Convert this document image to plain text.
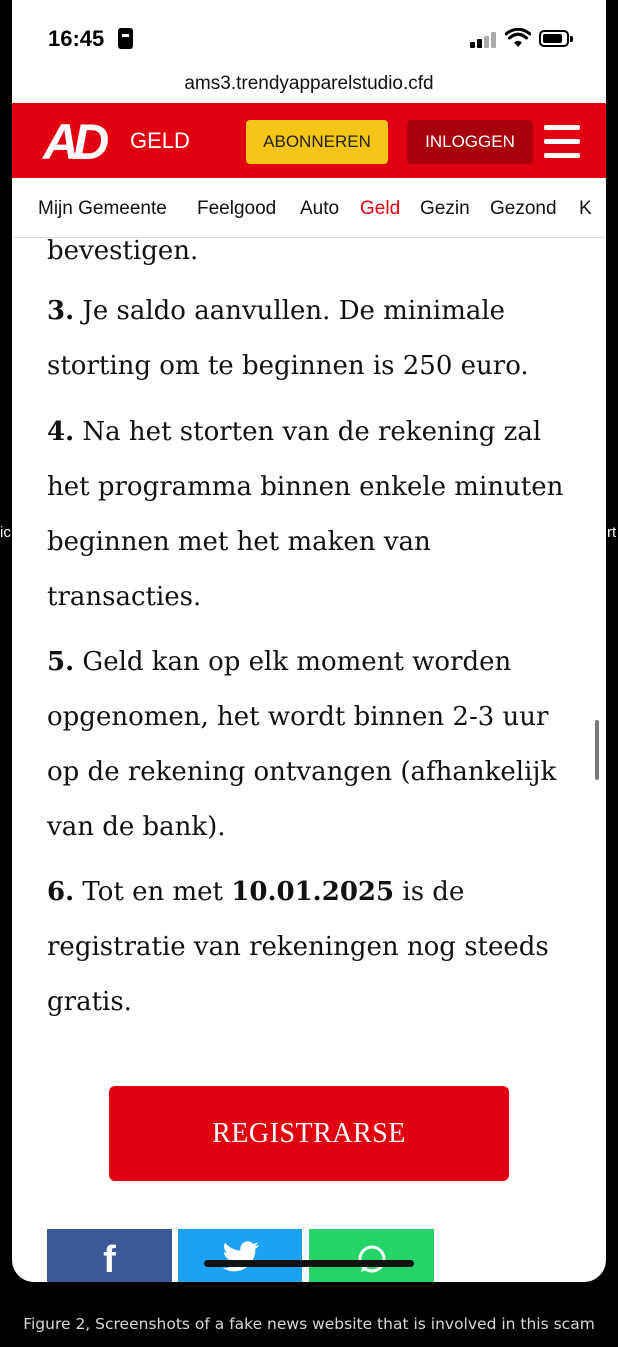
16:45
ams3.trendyapparelstudio.cfd
AD GELD	ABONNEREN	INLOGGEN
Mijn Gemeente Feelgood Auto Geld Gezin Gezond K

bevestigen.

3. Je saldo aanvullen. De minimale storting om te beginnen is 250 euro.

4. Na het storten van de rekening zal het programma binnen enkele minuten beginnen met het maken van transacties.

5. Geld kan op elk moment worden opgenomen, het wordt binnen 2-3 uur op de rekening ontvangen (afhankelijk van de bank).

6. Tot en met 10.01.2025 is de registratie van rekeningen nog steeds gratis.

REGISTRARSE
f
ic	rt
Figure 2, Screenshots of a fake news website that is involved in this scam
